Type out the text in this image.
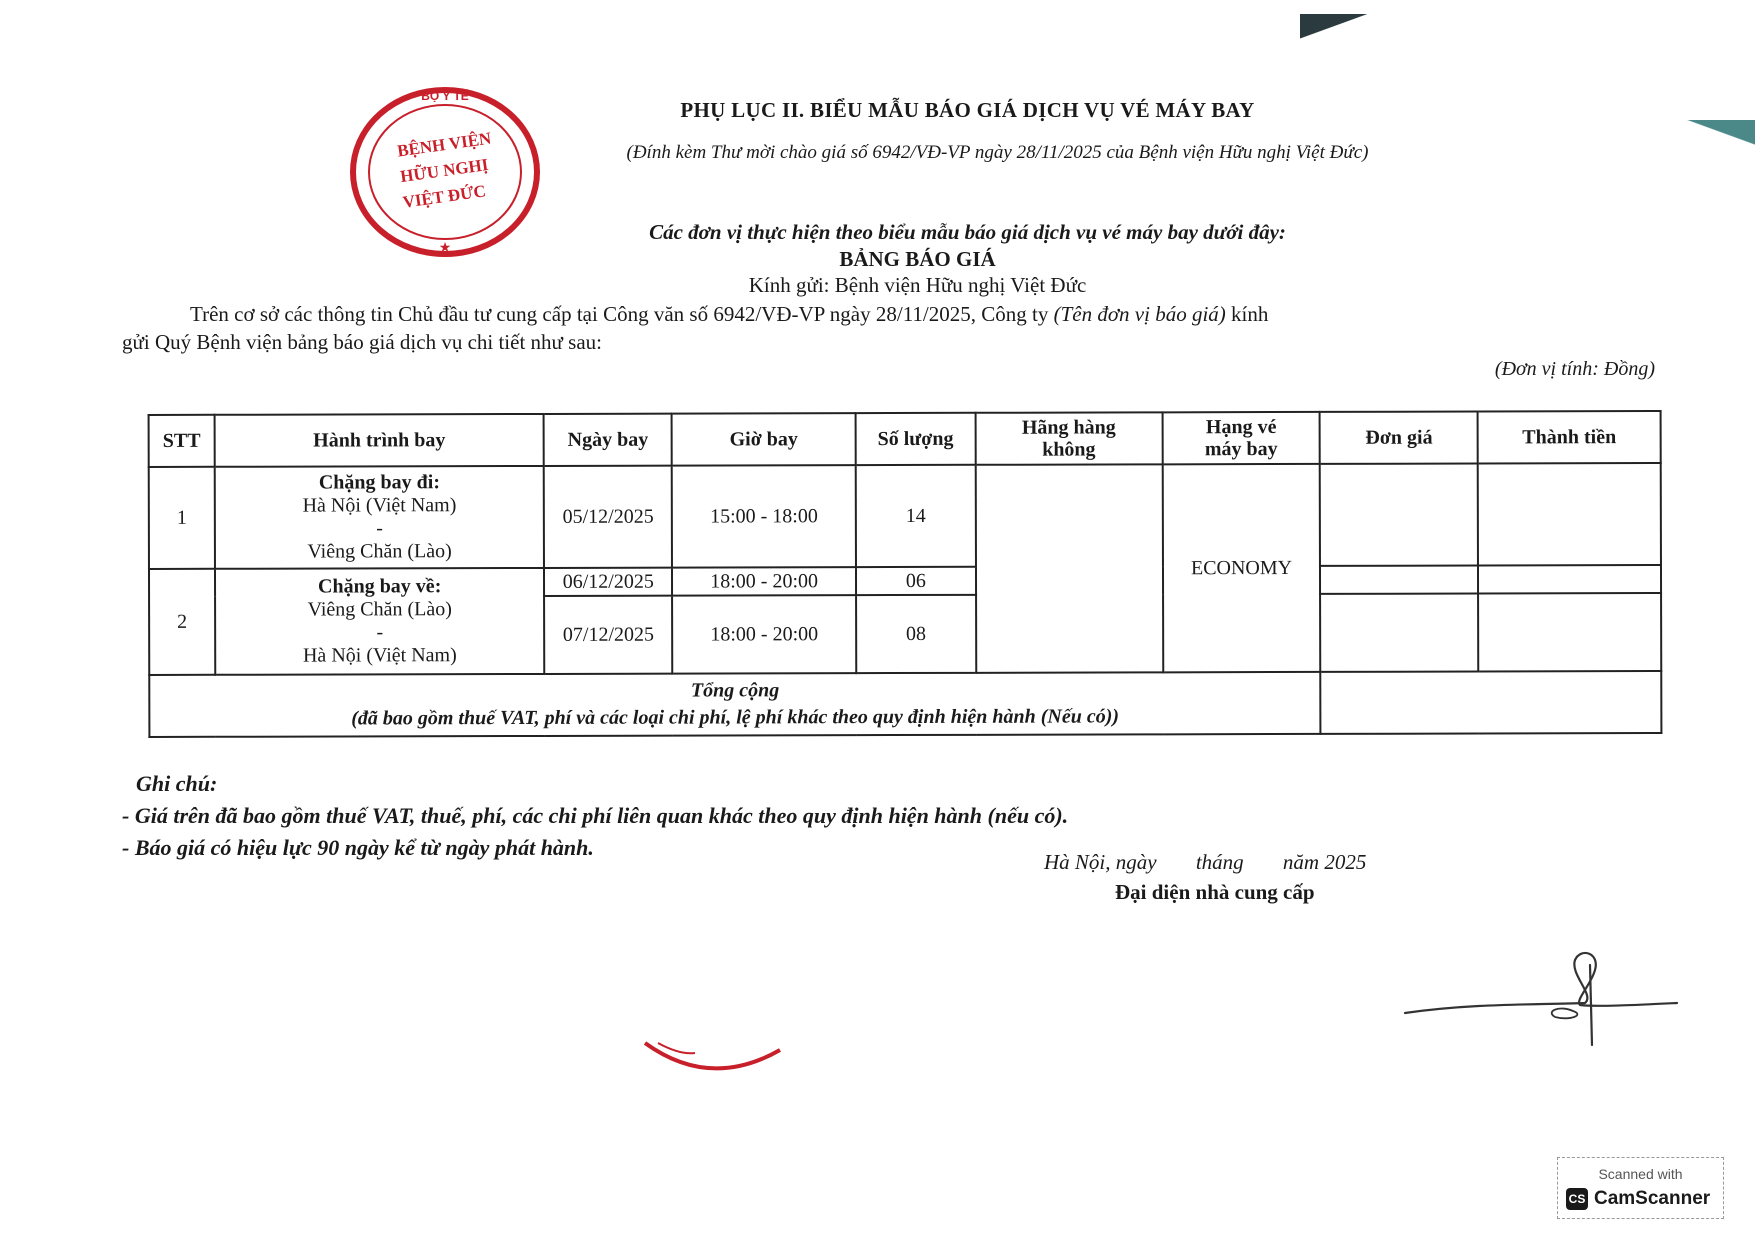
BỘ Y TẾ
★
BỆNH VIỆN
HỮU NGHỊ
VIỆT ĐỨC
PHỤ LỤC II. BIỂU MẪU BÁO GIÁ DỊCH VỤ VÉ MÁY BAY
(Đính kèm Thư mời chào giá số 6942/VĐ-VP ngày 28/11/2025 của Bệnh viện Hữu nghị Việt Đức)
Các đơn vị thực hiện theo biểu mẫu báo giá dịch vụ vé máy bay dưới đây:
BẢNG BÁO GIÁ
Kính gửi: Bệnh viện Hữu nghị Việt Đức
Trên cơ sở các thông tin Chủ đầu tư cung cấp tại Công văn số 6942/VĐ-VP ngày 28/11/2025, Công ty (Tên đơn vị báo giá) kính
gửi Quý Bệnh viện bảng báo giá dịch vụ chi tiết như sau:
(Đơn vị tính: Đồng)
STT	Hành trình bay	Ngày bay	Giờ bay	Số lượng	Hãng hàng không	Hạng vé máy bay	Đơn giá	Thành tiền
1	Chặng bay đi:
Hà Nội (Việt Nam)
-
Viêng Chăn (Lào)	05/12/2025	15:00 - 18:00	14		ECONOMY		
2	Chặng bay về:
Viêng Chăn (Lào)
-
Hà Nội (Việt Nam)	06/12/2025	18:00 - 20:00	06				
		07/12/2025	18:00 - 20:00	08				

Tổng cộng
(đã bao gồm thuế VAT, phí và các loại chi phí, lệ phí khác theo quy định hiện hành (Nếu có))								

Ghi chú:
- Giá trên đã bao gồm thuế VAT, thuế, phí, các chi phí liên quan khác theo quy định hiện hành (nếu có).
- Báo giá có hiệu lực 90 ngày kể từ ngày phát hành.
Hà Nội, ngày tháng năm 2025
Đại diện nhà cung cấp
Scanned with
CS CamScanner
